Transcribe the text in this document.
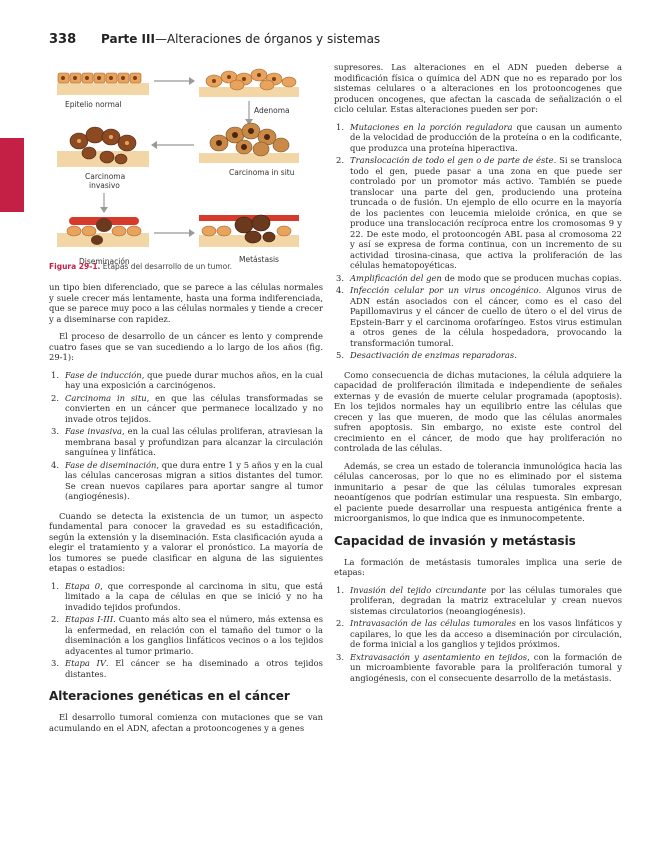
338 Parte III—Alteraciones de órganos y sistemas
Epitelio normal
Adenoma
Carcinoma in situ
Carcinoma
invasivo
Diseminación	Metástasis
Figura 29-1. Etapas del desarrollo de un tumor.

un tipo bien diferenciado, que se parece a las células normales y suele crecer más lentamente, hasta una forma indiferenciada, que se parece muy poco a las células normales y tiende a crecer y a diseminarse con rapidez.

El proceso de desarrollo de un cáncer es lento y comprende cuatro fases que se van sucediendo a lo largo de los años (fig. 29-1):

1. Fase de inducción, que puede durar muchos años, en la cual hay una exposición a carcinógenos.
2. Carcinoma in situ, en que las células transformadas se convierten en un cáncer que permanece localizado y no invade otros tejidos.
3. Fase invasiva, en la cual las células proliferan, atraviesan la membrana basal y profundizan para alcanzar la circulación sanguínea y linfática.
4. Fase de diseminación, que dura entre 1 y 5 años y en la cual las células cancerosas migran a sitios distantes del tumor. Se crean nuevos capilares para aportar sangre al tumor (angiogénesis).

Cuando se detecta la existencia de un tumor, un aspecto fundamental para conocer la gravedad es su estadificación, según la extensión y la diseminación. Esta clasificación ayuda a elegir el tratamiento y a valorar el pronóstico. La mayoría de los tumores se puede clasificar en alguna de las siguientes etapas o estadios:

1. Etapa 0, que corresponde al carcinoma in situ, que está limitado a la capa de células en que se inició y no ha invadido tejidos profundos.
2. Etapas I-III. Cuanto más alto sea el número, más extensa es la enfermedad, en relación con el tamaño del tumor o la diseminación a los ganglios linfáticos vecinos o a los tejidos adyacentes al tumor primario.
3. Etapa IV. El cáncer se ha diseminado a otros tejidos distantes.
Alteraciones genéticas en el cáncer

El desarrollo tumoral comienza con mutaciones que se van acumulando en el ADN, afectan a protooncogenes y a genes

supresores. Las alteraciones en el ADN pueden deberse a modificación física o química del ADN que no es reparado por los sistemas celulares o a alteraciones en los protooncogenes que producen oncogenes, que afectan la cascada de señalización o el ciclo celular. Estas alteraciones pueden ser por:

1. Mutaciones en la porción reguladora que causan un aumento de la velocidad de producción de la proteína o en la codificante, que produzca una proteína hiperactiva.
2. Translocación de todo el gen o de parte de éste. Si se transloca todo el gen, puede pasar a una zona en que puede ser controlado por un promotor más activo. También se puede translocar una parte del gen, produciendo una proteína truncada o de fusión. Un ejemplo de ello ocurre en la mayoría de los pacientes con leucemia mieloide crónica, en que se produce una translocación recíproca entre los cromosomas 9 y 22. De este modo, el protooncogén ABL pasa al cromosoma 22 y así se expresa de forma continua, con un incremento de su actividad tirosina-cinasa, que activa la proliferación de las células hematopoyéticas.
3. Amplificación del gen de modo que se producen muchas copias.
4. Infección celular por un virus oncogénico. Algunos virus de ADN están asociados con el cáncer, como es el caso del Papillomavirus y el cáncer de cuello de útero o el del virus de Epstein-Barr y el carcinoma orofaríngeo. Estos virus estimulan a otros genes de la célula hospedadora, provocando la transformación tumoral.
5. Desactivación de enzimas reparadoras.

Como consecuencia de dichas mutaciones, la célula adquiere la capacidad de proliferación ilimitada e independiente de señales externas y de evasión de muerte celular programada (apoptosis). En los tejidos normales hay un equilibrio entre las células que crecen y las que mueren, de modo que las células anormales sufren apoptosis. Sin embargo, no existe este control del crecimiento en el cáncer, de modo que hay proliferación no controlada de las células.

Además, se crea un estado de tolerancia inmunológica hacia las células cancerosas, por lo que no es eliminado por el sistema inmunitario a pesar de que las células tumorales expresan neoantígenos que podrían estimular una respuesta. Sin embargo, el paciente puede desarrollar una respuesta antigénica frente a microorganismos, lo que indica que es inmunocompetente.

Capacidad de invasión y metástasis

La formación de metástasis tumorales implica una serie de etapas:

1. Invasión del tejido circundante por las células tumorales que proliferan, degradan la matriz extracelular y crean nuevos sistemas circulatorios (neoangiogénesis).
2. Intravasación de las células tumorales en los vasos linfáticos y capilares, lo que les da acceso a diseminación por circulación, de forma inicial a los ganglios y tejidos próximos.
3. Extravasación y asentamiento en tejidos, con la formación de un microambiente favorable para la proliferación tumoral y angiogénesis, con el consecuente desarrollo de la metástasis.
